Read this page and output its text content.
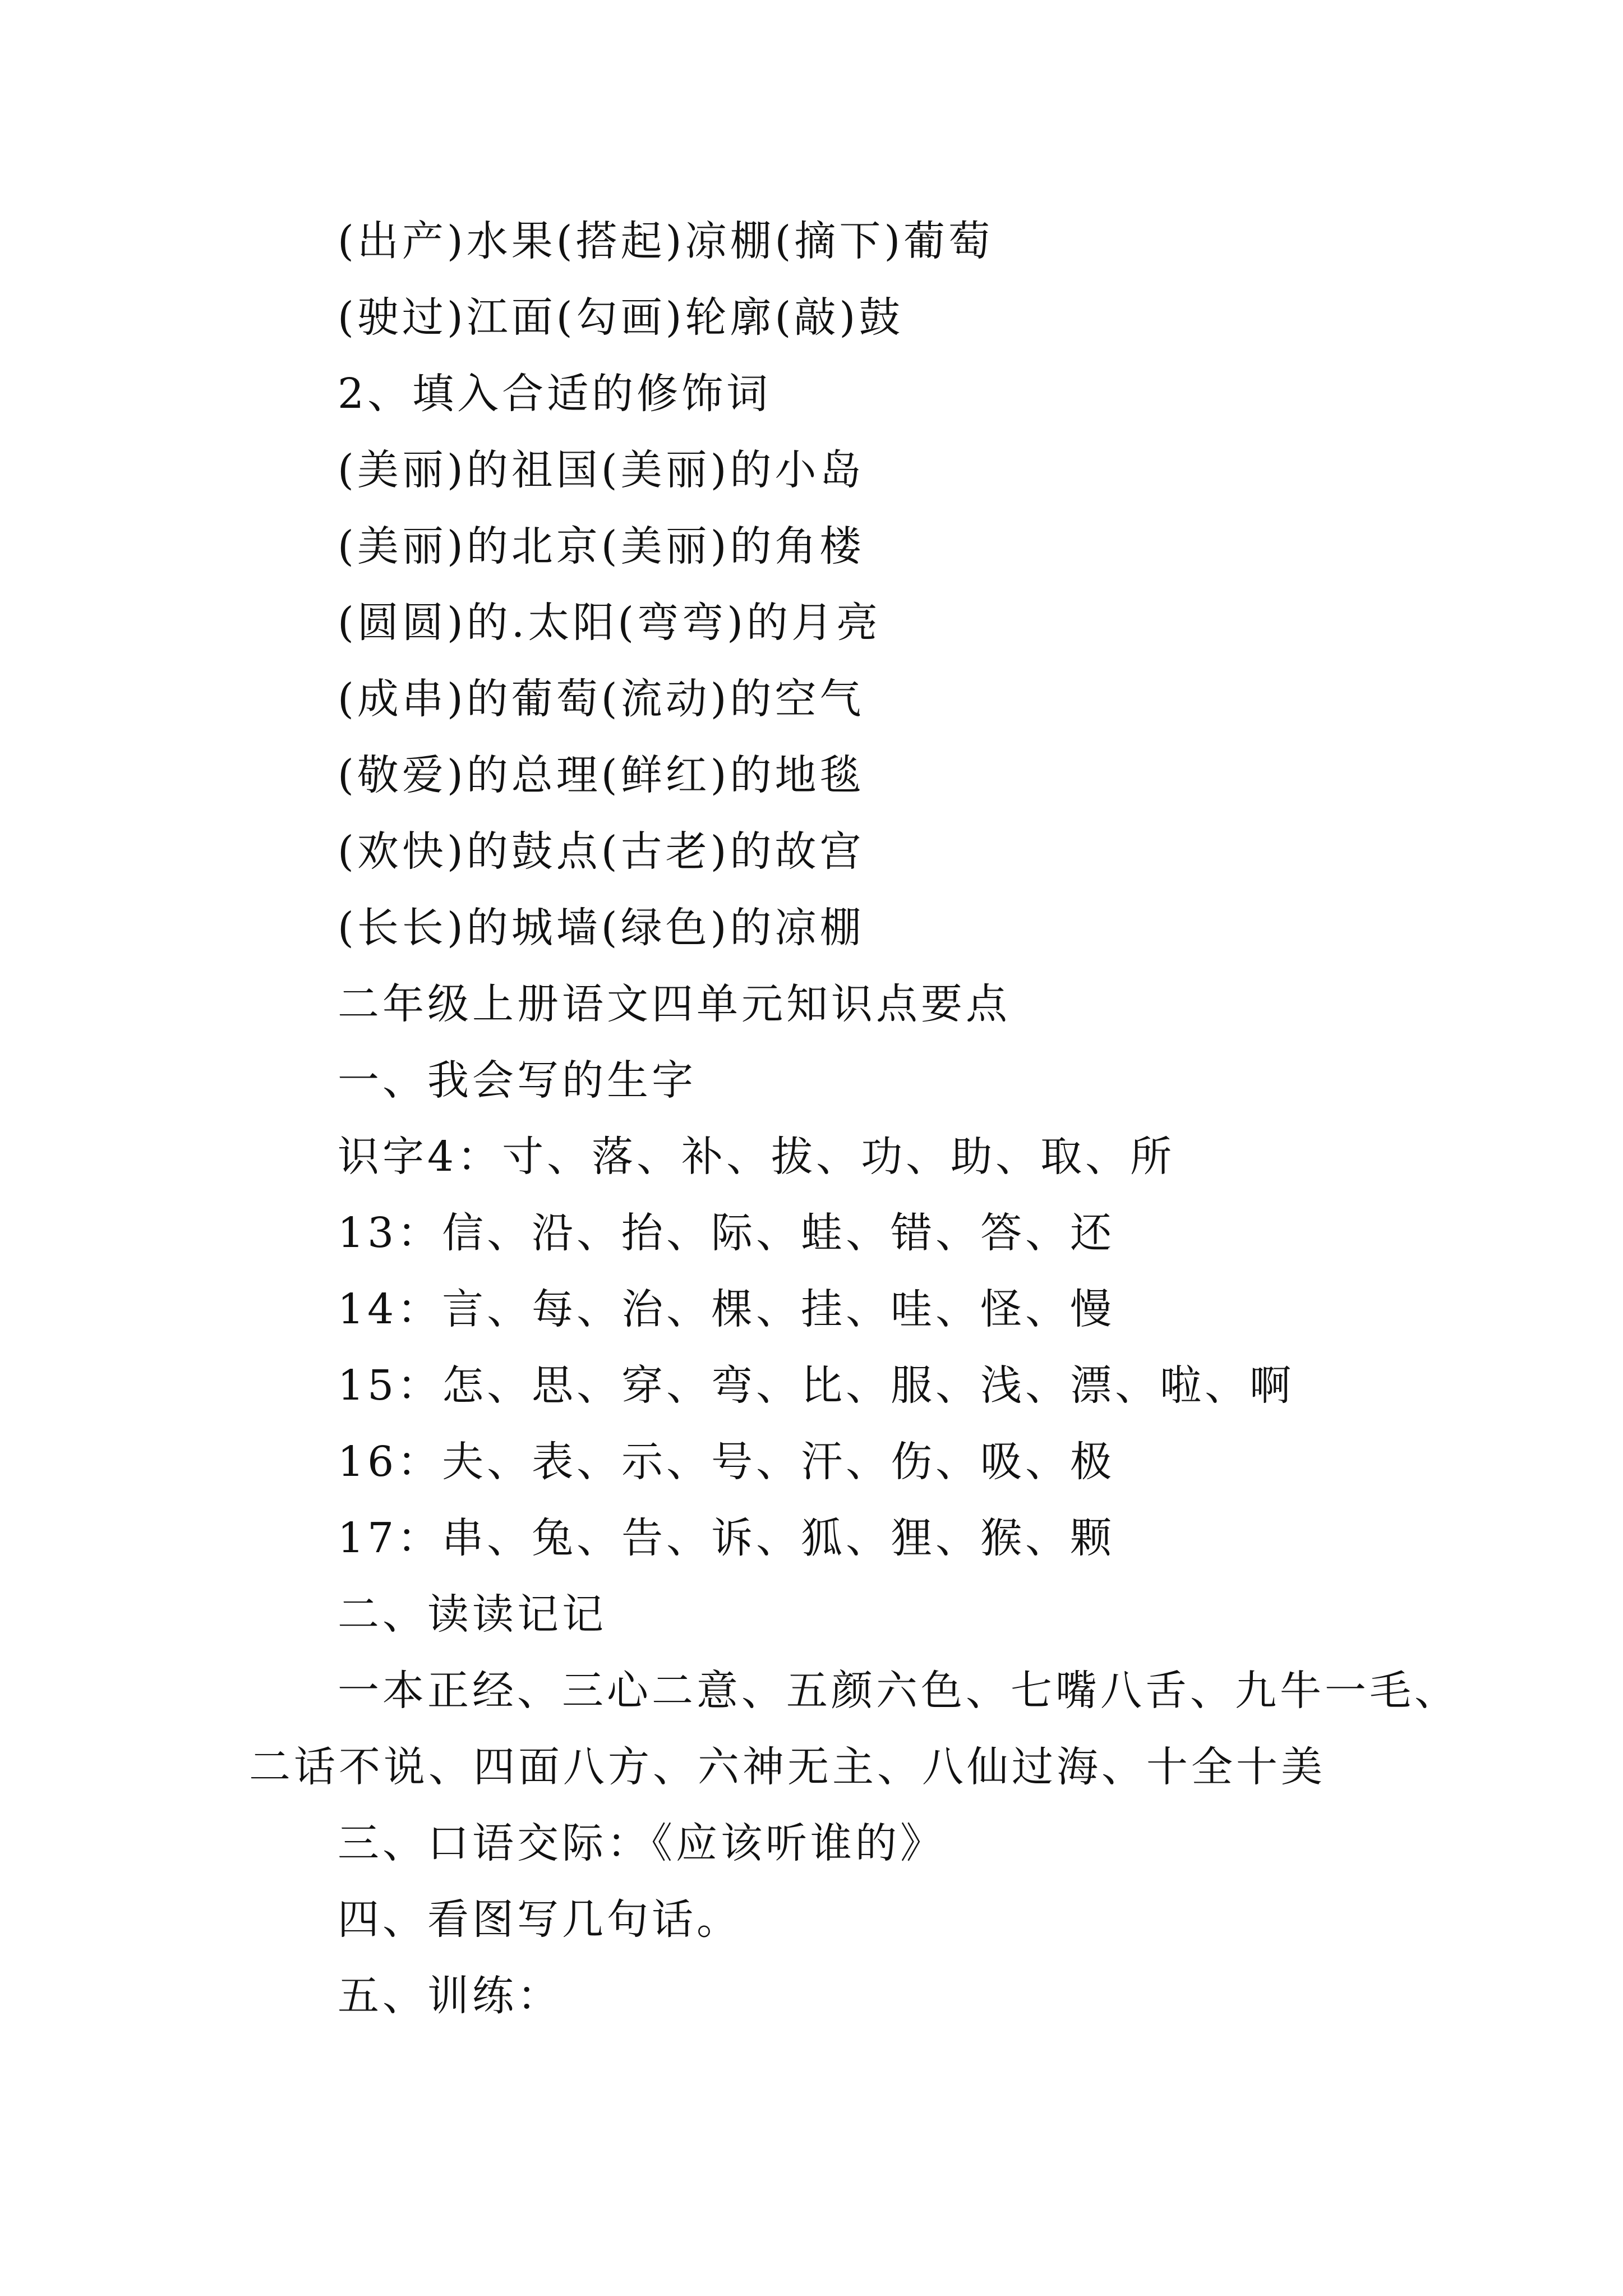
(出产)水果(搭起)凉棚(摘下)葡萄
(驶过)江面(勾画)轮廓(敲)鼓
2、填入合适的修饰词
(美丽)的祖国(美丽)的小岛
(美丽)的北京(美丽)的角楼
(圆圆)的.太阳(弯弯)的月亮
(成串)的葡萄(流动)的空气
(敬爱)的总理(鲜红)的地毯
(欢快)的鼓点(古老)的故宫
(长长)的城墙(绿色)的凉棚
二年级上册语文四单元知识点要点
一、我会写的生字
识字4：寸、落、补、拔、功、助、取、所
13：信、沿、抬、际、蛙、错、答、还
14：言、每、治、棵、挂、哇、怪、慢
15：怎、思、穿、弯、比、服、浅、漂、啦、啊
16：夫、表、示、号、汗、伤、吸、极
17：串、兔、告、诉、狐、狸、猴、颗
二、读读记记
一本正经、三心二意、五颜六色、七嘴八舌、九牛一毛、
二话不说、四面八方、六神无主、八仙过海、十全十美
三、口语交际：《应该听谁的》
四、看图写几句话。
五、训练：
